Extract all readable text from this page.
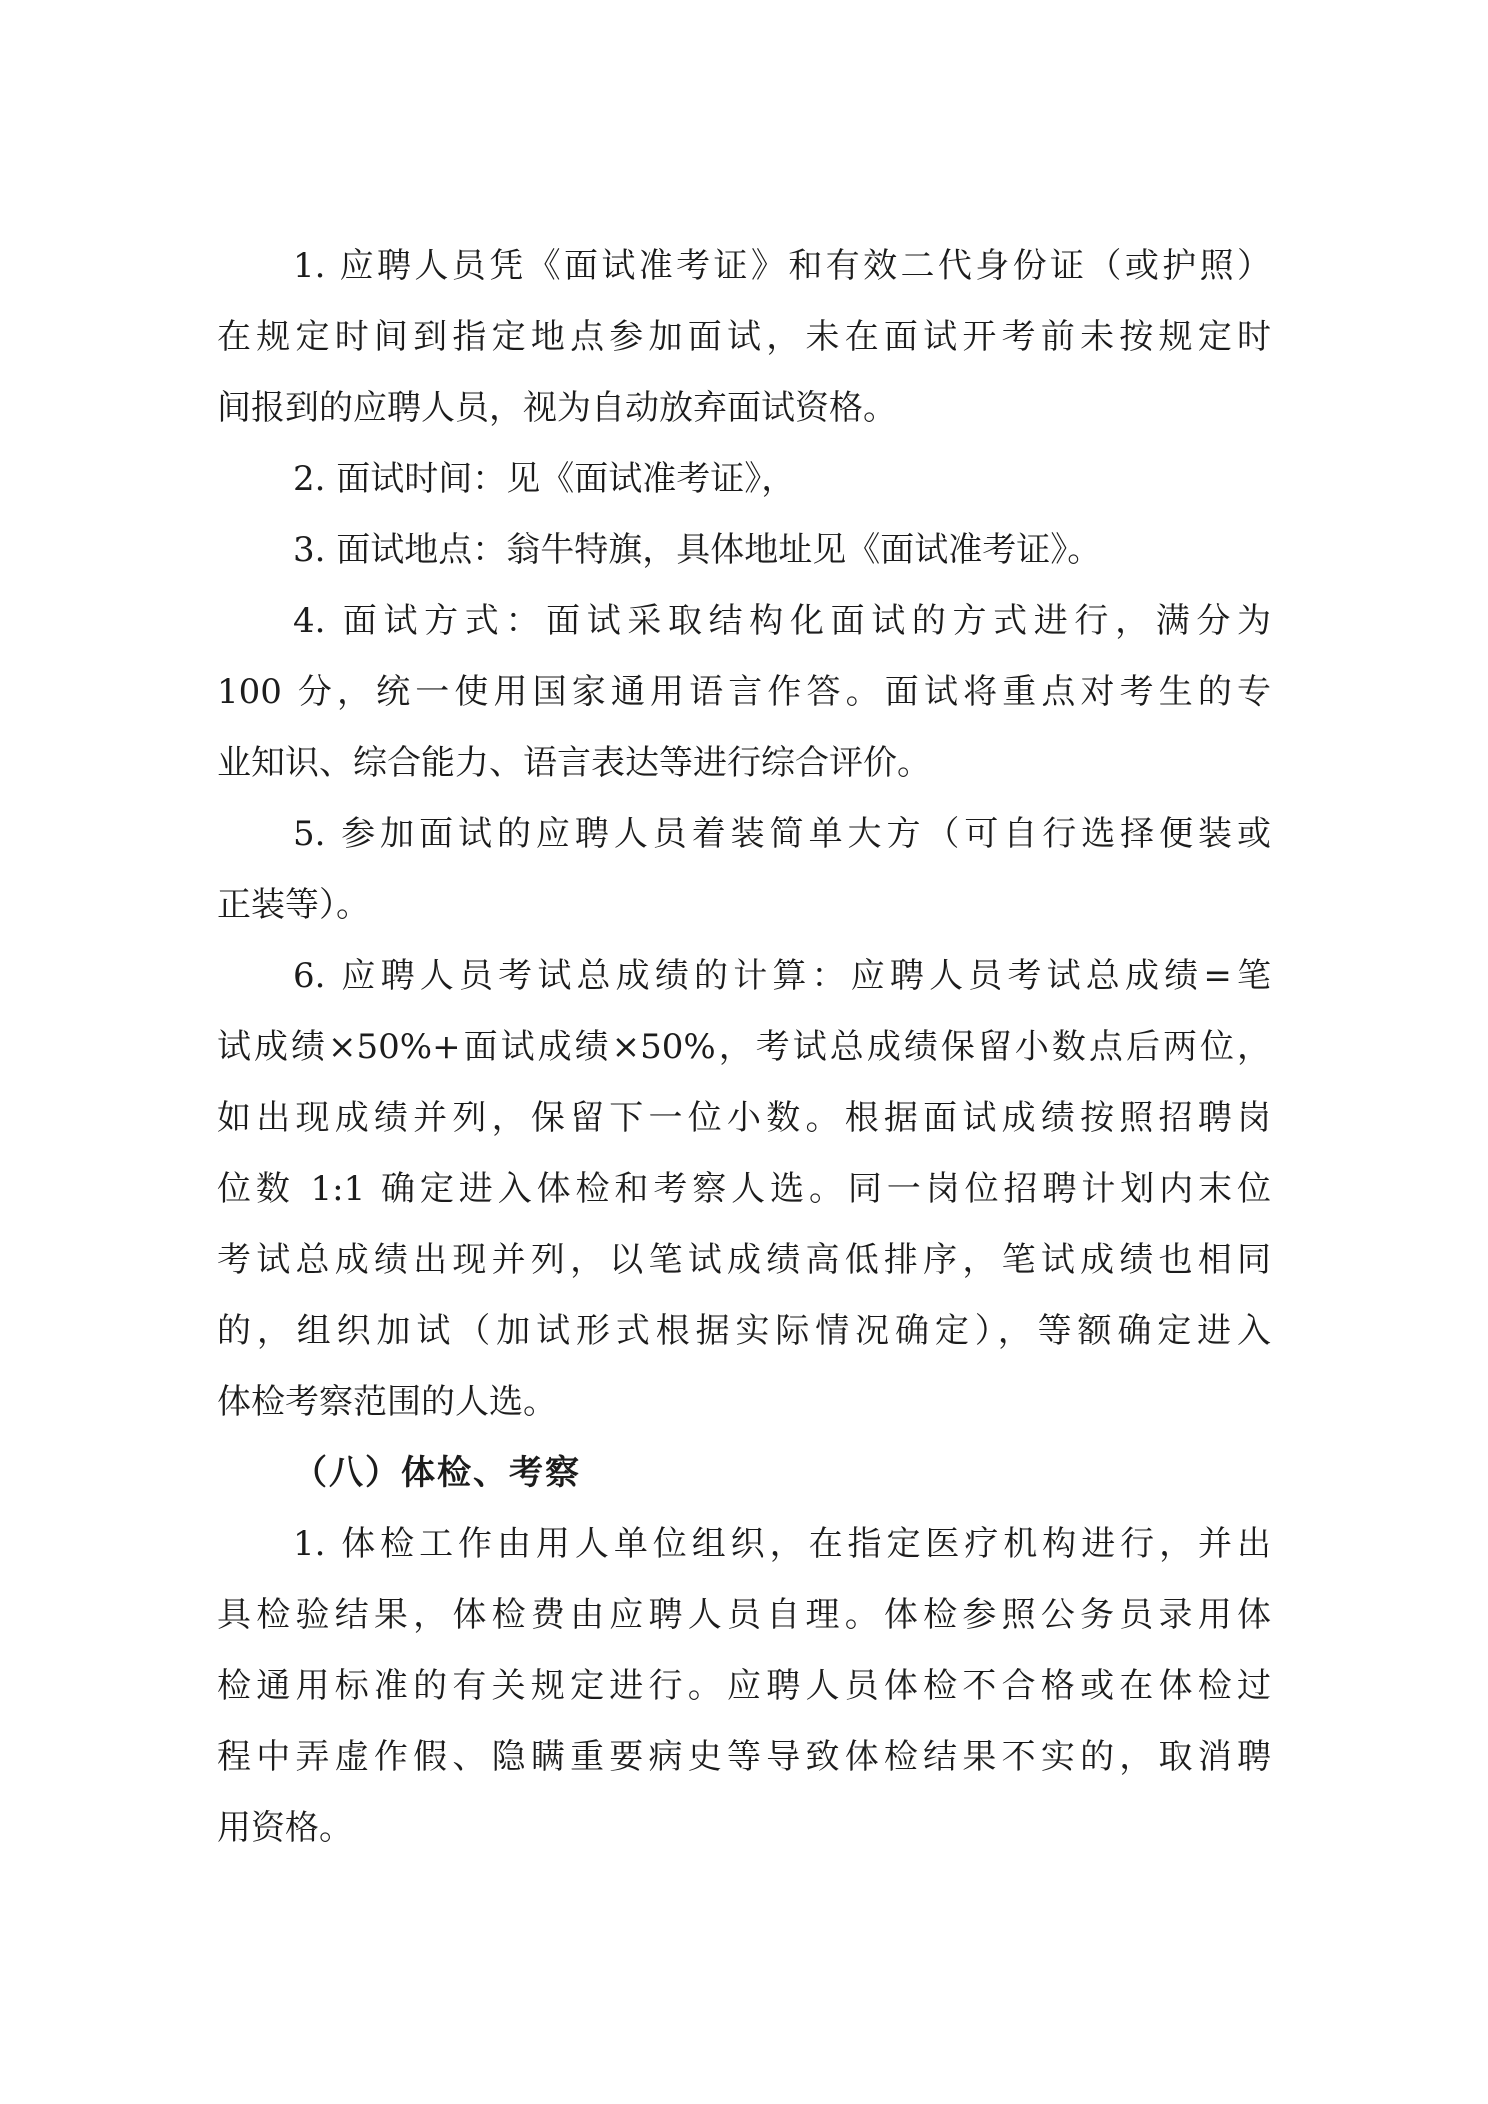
1. 应聘人员凭《面试准考证》和有效二代身份证（或护照）
在规定时间到指定地点参加面试，未在面试开考前未按规定时
间报到的应聘人员，视为自动放弃面试资格。
2. 面试时间：见《面试准考证》，
3. 面试地点：翁牛特旗，具体地址见《面试准考证》。
4. 面试方式：面试采取结构化面试的方式进行，满分为
100 分，统一使用国家通用语言作答。面试将重点对考生的专
业知识、综合能力、语言表达等进行综合评价。
5. 参加面试的应聘人员着装简单大方（可自行选择便装或
正装等）。
6. 应聘人员考试总成绩的计算：应聘人员考试总成绩=笔
试成绩×50%+面试成绩×50%，考试总成绩保留小数点后两位，
如出现成绩并列，保留下一位小数。根据面试成绩按照招聘岗
位数 1:1 确定进入体检和考察人选。同一岗位招聘计划内末位
考试总成绩出现并列，以笔试成绩高低排序，笔试成绩也相同
的，组织加试（加试形式根据实际情况确定），等额确定进入
体检考察范围的人选。
（八）体检、考察
1. 体检工作由用人单位组织，在指定医疗机构进行，并出
具检验结果，体检费由应聘人员自理。体检参照公务员录用体
检通用标准的有关规定进行。应聘人员体检不合格或在体检过
程中弄虚作假、隐瞒重要病史等导致体检结果不实的，取消聘
用资格。
